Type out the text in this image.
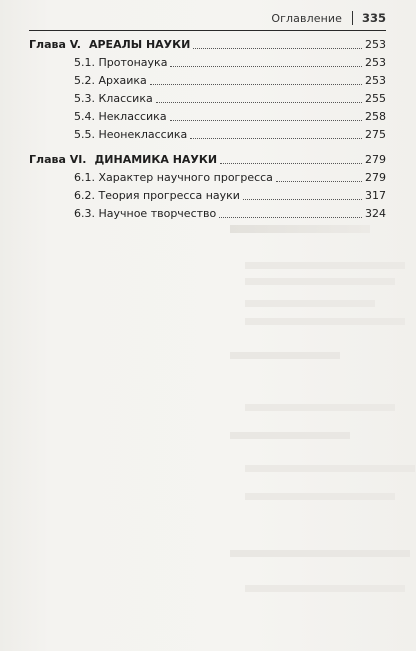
Оглавление 335
Глава V. АРЕАЛЫ НАУКИ	253
5.1. Протонаука	253
5.2. Архаика	253
5.3. Классика	255
5.4. Неклассика	258
5.5. Неонеклассика	275
Глава VI. ДИНАМИКА НАУКИ	279
6.1. Характер научного прогресса	279
6.2. Теория прогресса науки	317
6.3. Научное творчество	324
